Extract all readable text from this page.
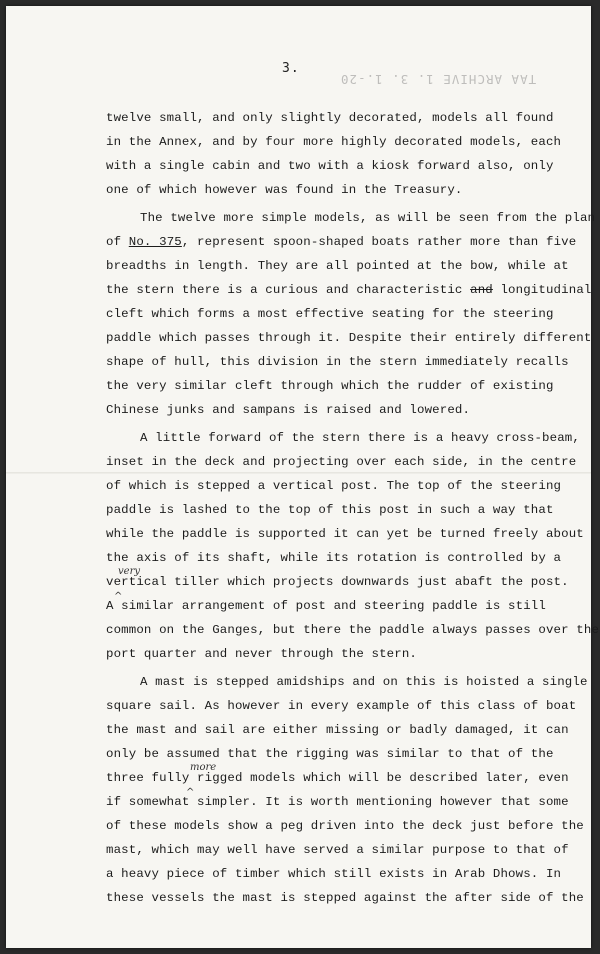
3.
TAA ARCHIVE 1. 3. 1.-20
twelve small, and only slightly decorated, models all found
in the Annex, and by four more highly decorated models, each
with a single cabin and two with a kiosk forward also, only
one of which however was found in the Treasury.
The twelve more simple models, as will be seen from the plan
of No. 375, represent spoon-shaped boats rather more than five
breadths in length. They are all pointed at the bow, while at
the stern there is a curious and characteristic and longitudinal
cleft which forms a most effective seating for the steering
paddle which passes through it. Despite their entirely different
shape of hull, this division in the stern immediately recalls
the very similar cleft through which the rudder of existing
Chinese junks and sampans is raised and lowered.
A little forward of the stern there is a heavy cross-beam,
inset in the deck and projecting over each side, in the centre
of which is stepped a vertical post. The top of the steering
paddle is lashed to the top of this post in such a way that
while the paddle is supported it can yet be turned freely about
the axis of its shaft, while its rotation is controlled by a
vertical tiller which projects downwards just abaft the post.
very
^
A similar arrangement of post and steering paddle is still
common on the Ganges, but there the paddle always passes over the
port quarter and never through the stern.
A mast is stepped amidships and on this is hoisted a single
square sail. As however in every example of this class of boat
the mast and sail are either missing or badly damaged, it can
only be assumed that the rigging was similar to that of the
three fully rigged models which will be described later, even
more
^
if somewhat simpler. It is worth mentioning however that some
of these models show a peg driven into the deck just before the
mast, which may well have served a similar purpose to that of
a heavy piece of timber which still exists in Arab Dhows. In
these vessels the mast is stepped against the after side of the
